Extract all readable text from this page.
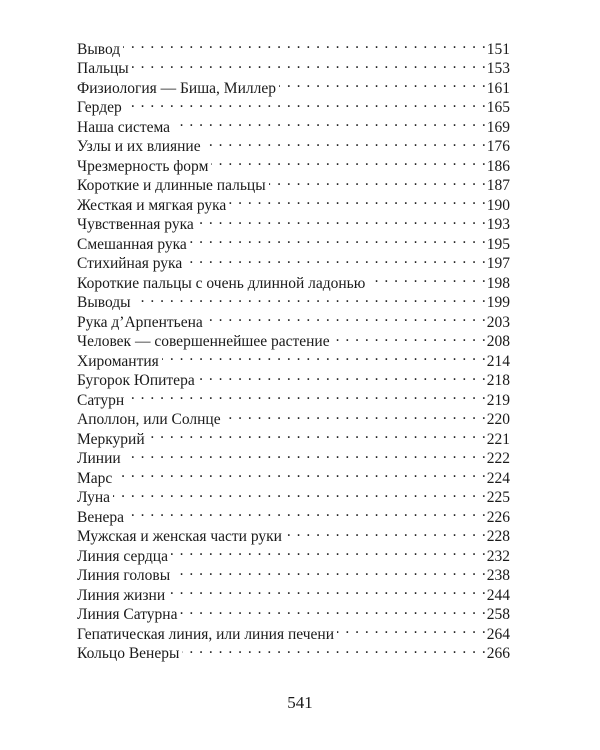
Вывод . . .	151
Пальцы . . .	153
Физиология — Биша, Миллер . . .	161
Гердер . . .	165
Наша система . . .	169
Узлы и их влияние . . .	176
Чрезмерность форм . . .	186
Короткие и длинные пальцы . . .	187
Жесткая и мягкая рука . . .	190
Чувственная рука . . .	193
Смешанная рука . . .	195
Стихийная рука . . .	197
Короткие пальцы с очень длинной ладонью . . .	198
Выводы . . .	199
Рука д’Арпентьена . . .	203
Человек — совершеннейшее растение . . .	208
Хиромантия . . .	214
Бугорок Юпитера . . .	218
Сатурн . . .	219
Аполлон, или Солнце . . .	220
Меркурий . . .	221
Линии . . .	222
Марс . . .	224
Луна . . .	225
Венера . . .	226
Мужская и женская части руки . . .	228
Линия сердца . . .	232
Линия головы . . .	238
Линия жизни . . .	244
Линия Сатурна . . .	258
Гепатическая линия, или линия печени . . .	264
Кольцо Венеры . . .	266
541
